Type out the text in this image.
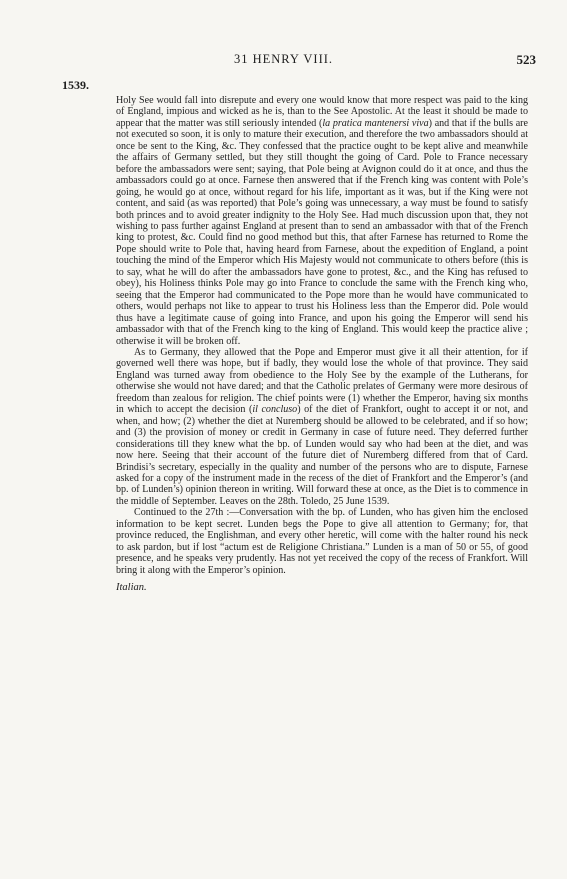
31 HENRY VIII.	523
1539.

Holy See would fall into disrepute and every one would know that more respect was paid to the king of England, impious and wicked as he is, than to the See Apostolic. At the least it should be made to appear that the matter was still seriously intended (la pratica mantenersi viva) and that if the bulls are not executed so soon, it is only to mature their execution, and therefore the two ambassadors should at once be sent to the King, &c. They confessed that the practice ought to be kept alive and meanwhile the affairs of Germany settled, but they still thought the going of Card. Pole to France necessary before the ambassadors were sent; saying, that Pole being at Avignon could do it at once, and thus the ambassadors could go at once. Farnese then answered that if the French king was content with Pole’s going, he would go at once, without regard for his life, important as it was, but if the King were not content, and said (as was reported) that Pole’s going was unnecessary, a way must be found to satisfy both princes and to avoid greater indignity to the Holy See. Had much discussion upon that, they not wishing to pass further against England at present than to send an ambassador with that of the French king to protest, &c. Could find no good method but this, that after Farnese has returned to Rome the Pope should write to Pole that, having heard from Farnese, about the expedition of England, a point touching the mind of the Emperor which His Majesty would not communicate to others before (this is to say, what he will do after the ambassadors have gone to protest, &c., and the King has refused to obey), his Holiness thinks Pole may go into France to conclude the same with the French king who, seeing that the Emperor had communicated to the Pope more than he would have communicated to others, would perhaps not like to appear to trust his Holiness less than the Emperor did. Pole would thus have a legitimate cause of going into France, and upon his going the Emperor will send his ambassador with that of the French king to the king of England. This would keep the practice alive ; otherwise it will be broken off.

As to Germany, they allowed that the Pope and Emperor must give it all their attention, for if governed well there was hope, but if badly, they would lose the whole of that province. They said England was turned away from obedience to the Holy See by the example of the Lutherans, for otherwise she would not have dared; and that the Catholic prelates of Germany were more desirous of freedom than zealous for religion. The chief points were (1) whether the Emperor, having six months in which to accept the decision (il concluso) of the diet of Frankfort, ought to accept it or not, and when, and how; (2) whether the diet at Nuremberg should be allowed to be celebrated, and if so how; and (3) the provision of money or credit in Germany in case of future need. They deferred further considerations till they knew what the bp. of Lunden would say who had been at the diet, and was now here. Seeing that their account of the future diet of Nuremberg differed from that of Card. Brindisi’s secretary, especially in the quality and number of the persons who are to dispute, Farnese asked for a copy of the instrument made in the recess of the diet of Frankfort and the Emperor’s (and bp. of Lunden’s) opinion thereon in writing. Will forward these at once, as the Diet is to commence in the middle of September. Leaves on the 28th. Toledo, 25 June 1539.

Continued to the 27th :—Conversation with the bp. of Lunden, who has given him the enclosed information to be kept secret. Lunden begs the Pope to give all attention to Germany; for, that province reduced, the Englishman, and every other heretic, will come with the halter round his neck to ask pardon, but if lost “actum est de Religione Christiana.” Lunden is a man of 50 or 55, of good presence, and he speaks very prudently. Has not yet received the copy of the recess of Frankfort. Will bring it along with the Emperor’s opinion.

Italian.
